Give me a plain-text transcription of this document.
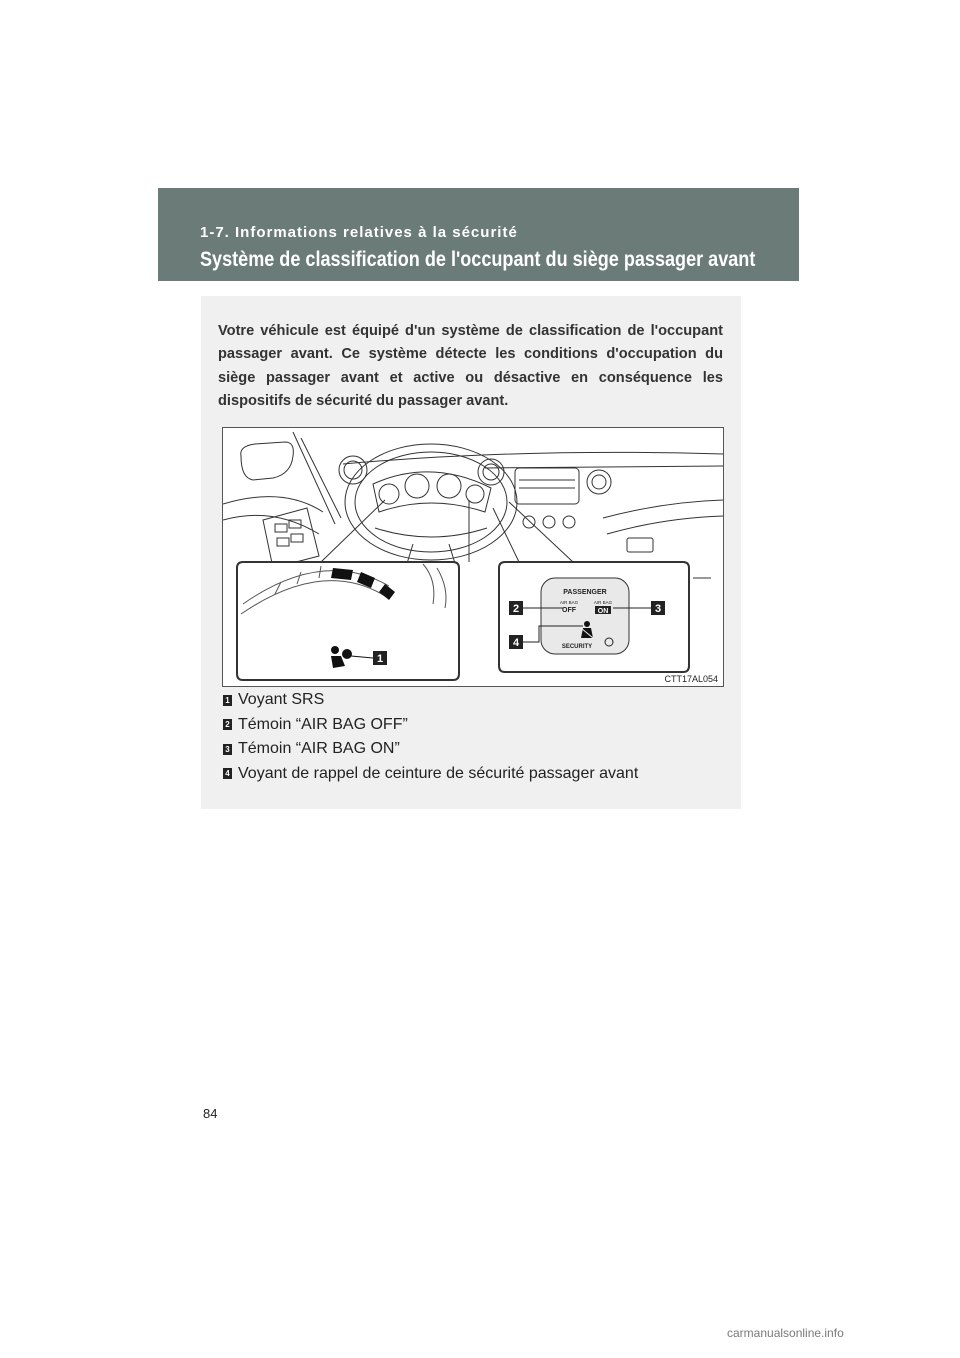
1-7. Informations relatives à la sécurité
Système de classification de l'occupant du siège passager avant

Votre véhicule est équipé d'un système de classification de l'occupant passager avant. Ce système détecte les conditions d'occupation du siège passager avant et active ou désactive en conséquence les dispositifs de sécurité du passager avant.

1
PASSENGER
AIR BAG	AIR BAG
OFF	ON
SECURITY
2	3
4
CTT17AL054
1 Voyant SRS
2 Témoin “AIR BAG OFF”
3 Témoin “AIR BAG ON”
4 Voyant de rappel de ceinture de sécurité passager avant
84
carmanualsonline.info
